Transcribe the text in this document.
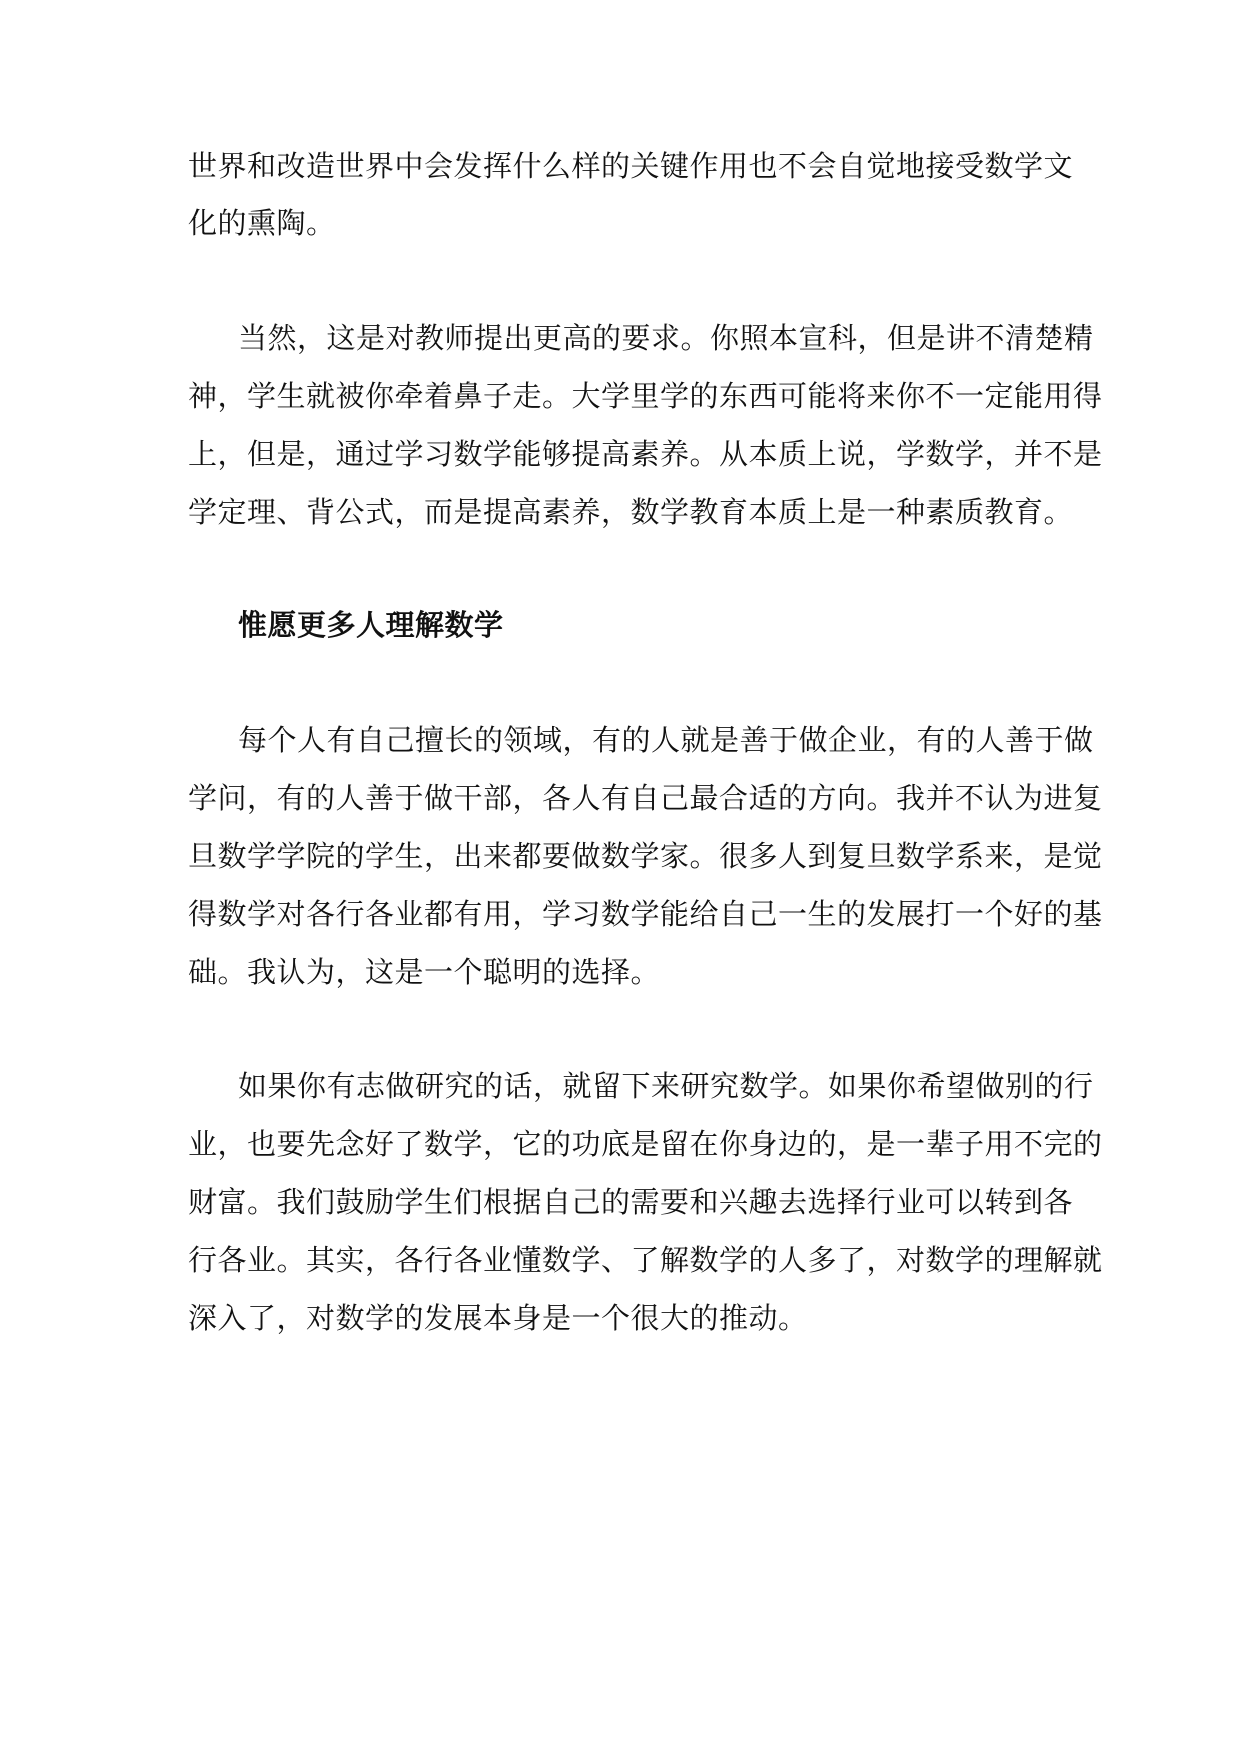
世界和改造世界中会发挥什么样的关键作用也不会自觉地接受数学文
化的熏陶。
当然，这是对教师提出更高的要求。你照本宣科，但是讲不清楚精
神，学生就被你牵着鼻子走。大学里学的东西可能将来你不一定能用得
上，但是，通过学习数学能够提高素养。从本质上说，学数学，并不是
学定理、背公式，而是提高素养，数学教育本质上是一种素质教育。
惟愿更多人理解数学
每个人有自己擅长的领域，有的人就是善于做企业，有的人善于做
学问，有的人善于做干部，各人有自己最合适的方向。我并不认为进复
旦数学学院的学生，出来都要做数学家。很多人到复旦数学系来，是觉
得数学对各行各业都有用，学习数学能给自己一生的发展打一个好的基
础。我认为，这是一个聪明的选择。
如果你有志做研究的话，就留下来研究数学。如果你希望做别的行
业，也要先念好了数学，它的功底是留在你身边的，是一辈子用不完的
财富。我们鼓励学生们根据自己的需要和兴趣去选择行业可以转到各
行各业。其实，各行各业懂数学、了解数学的人多了，对数学的理解就
深入了，对数学的发展本身是一个很大的推动。
